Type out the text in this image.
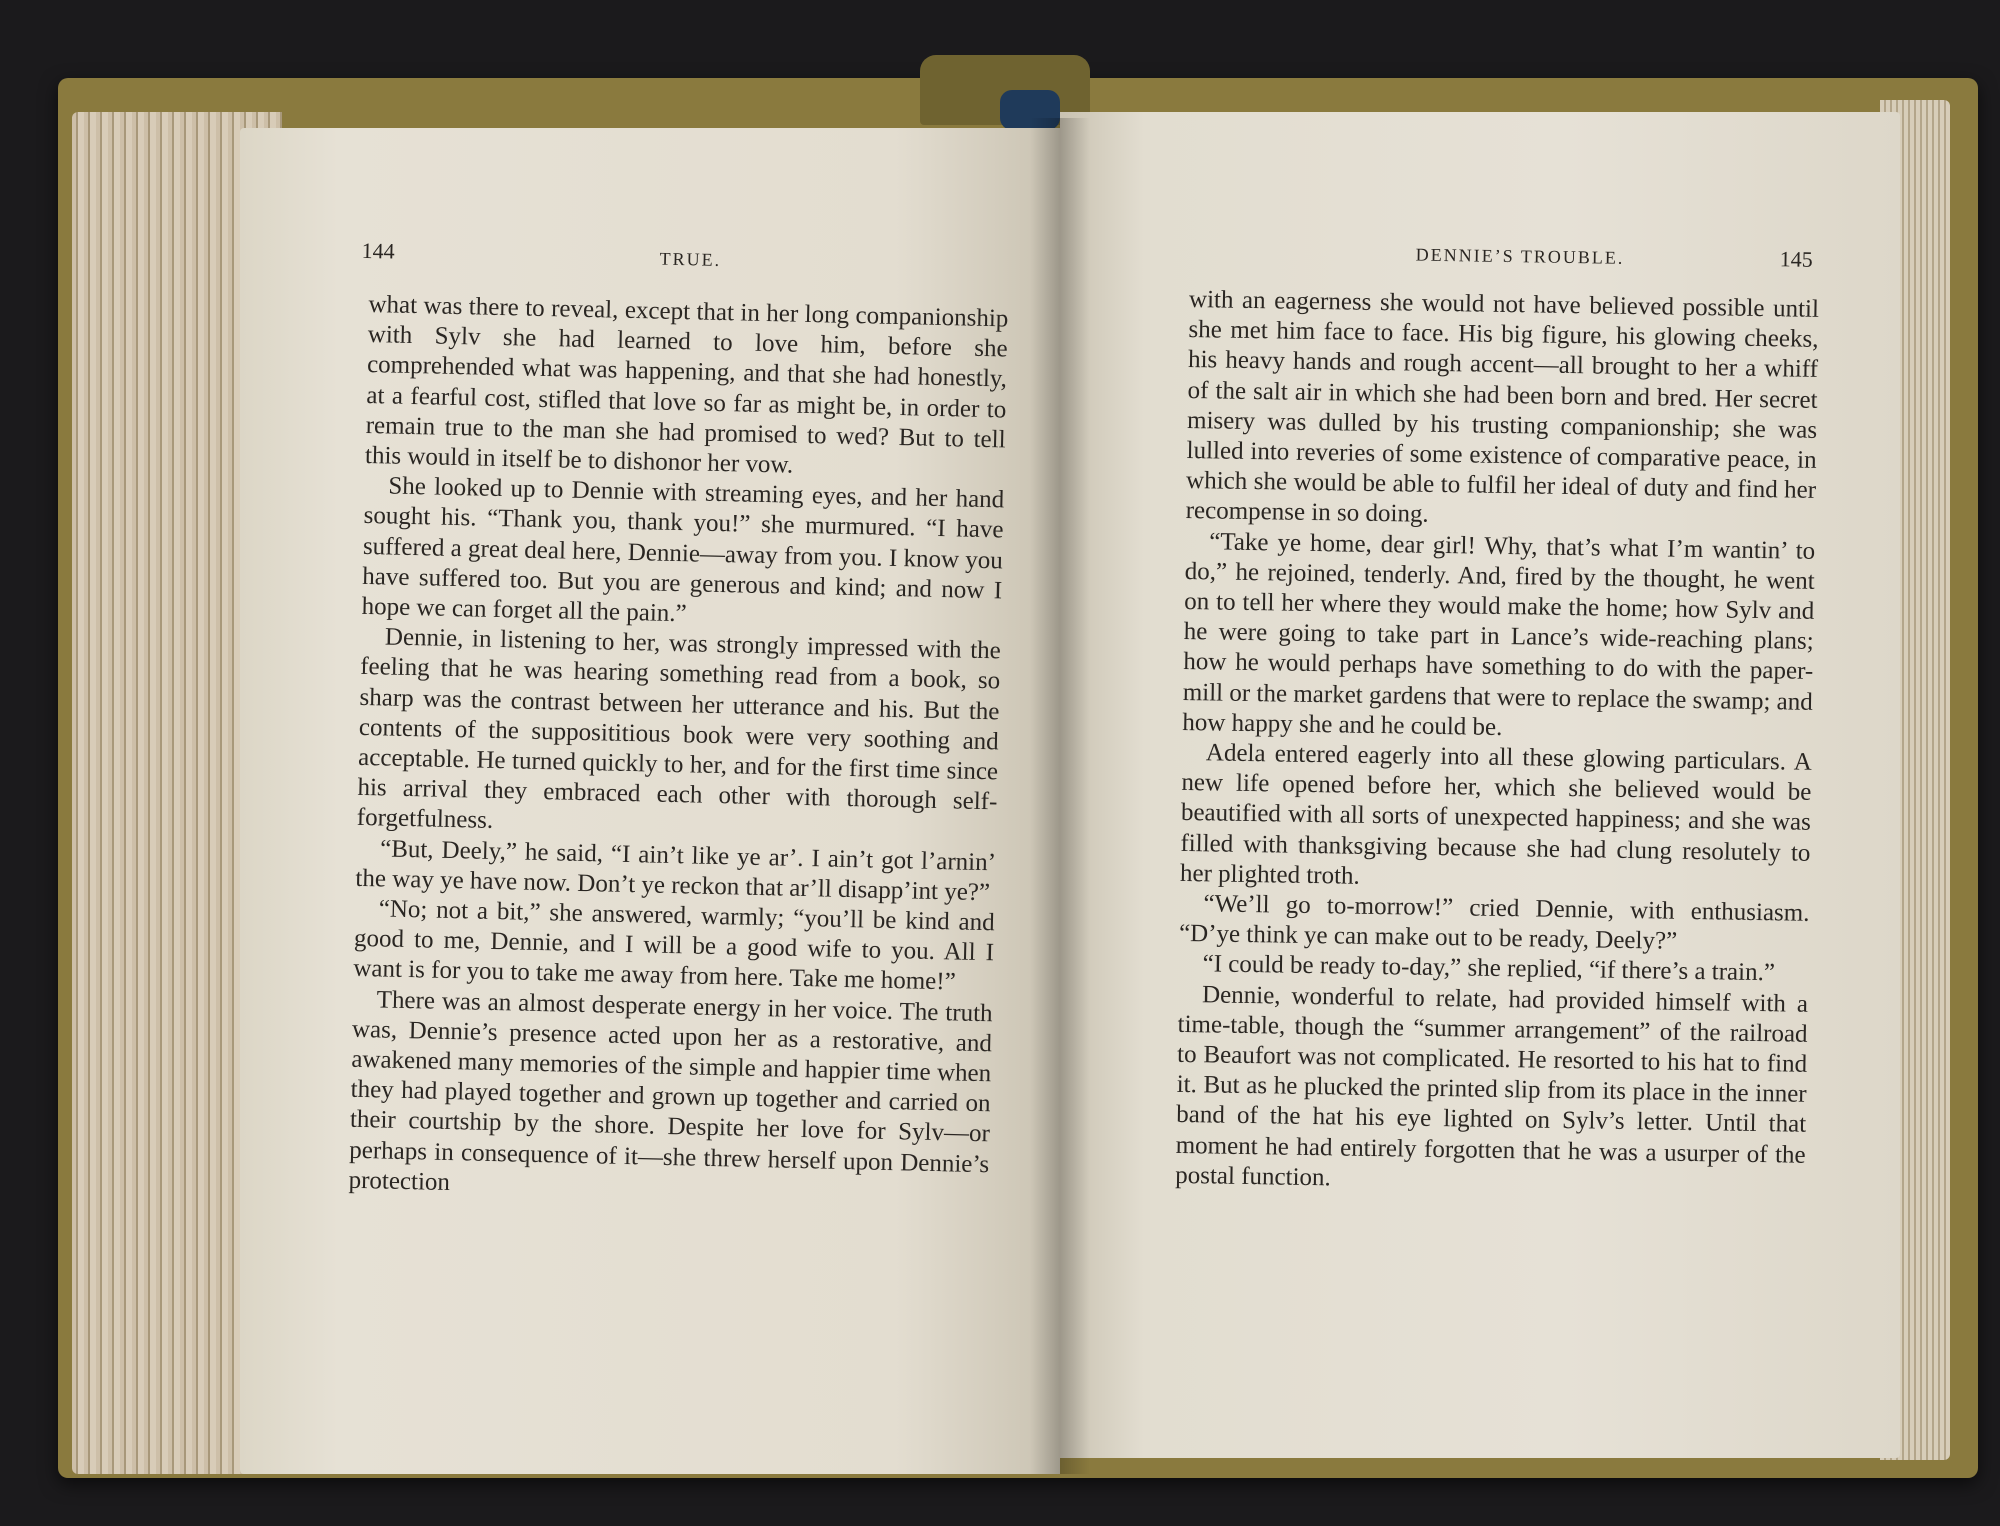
144	TRUE.

what was there to reveal, except that in her long companionship with Sylv she had learned to love him, before she comprehended what was happening, and that she had honestly, at a fearful cost, stifled that love so far as might be, in order to remain true to the man she had promised to wed? But to tell this would in itself be to dishonor her vow.

She looked up to Dennie with streaming eyes, and her hand sought his. “Thank you, thank you!” she murmured. “I have suffered a great deal here, Dennie—away from you. I know you have suffered too. But you are generous and kind; and now I hope we can forget all the pain.”

Dennie, in listening to her, was strongly impressed with the feeling that he was hearing something read from a book, so sharp was the contrast between her utterance and his. But the contents of the supposititious book were very soothing and acceptable. He turned quickly to her, and for the first time since his arrival they embraced each other with thorough self-forgetfulness.

“But, Deely,” he said, “I ain’t like ye ar’. I ain’t got l’arnin’ the way ye have now. Don’t ye reckon that ar’ll disapp’int ye?”

“No; not a bit,” she answered, warmly; “you’ll be kind and good to me, Dennie, and I will be a good wife to you. All I want is for you to take me away from here. Take me home!”

There was an almost desperate energy in her voice. The truth was, Dennie’s presence acted upon her as a restorative, and awakened many memories of the simple and happier time when they had played together and grown up together and carried on their courtship by the shore. Despite her love for Sylv—or perhaps in consequence of it—she threw herself upon Dennie’s protection

DENNIE’S TROUBLE.	145

with an eagerness she would not have believed possible until she met him face to face. His big figure, his glowing cheeks, his heavy hands and rough accent—all brought to her a whiff of the salt air in which she had been born and bred. Her secret misery was dulled by his trusting companionship; she was lulled into reveries of some existence of comparative peace, in which she would be able to fulfil her ideal of duty and find her recompense in so doing.

“Take ye home, dear girl! Why, that’s what I’m wantin’ to do,” he rejoined, tenderly. And, fired by the thought, he went on to tell her where they would make the home; how Sylv and he were going to take part in Lance’s wide-reaching plans; how he would perhaps have something to do with the paper-mill or the market gardens that were to replace the swamp; and how happy she and he could be.

Adela entered eagerly into all these glowing particulars. A new life opened before her, which she believed would be beautified with all sorts of unexpected happiness; and she was filled with thanksgiving because she had clung resolutely to her plighted troth.

“We’ll go to-morrow!” cried Dennie, with enthusiasm. “D’ye think ye can make out to be ready, Deely?”

“I could be ready to-day,” she replied, “if there’s a train.”

Dennie, wonderful to relate, had provided himself with a time-table, though the “summer arrangement” of the railroad to Beaufort was not complicated. He resorted to his hat to find it. But as he plucked the printed slip from its place in the inner band of the hat his eye lighted on Sylv’s letter. Until that moment he had entirely forgotten that he was a usurper of the postal function.
